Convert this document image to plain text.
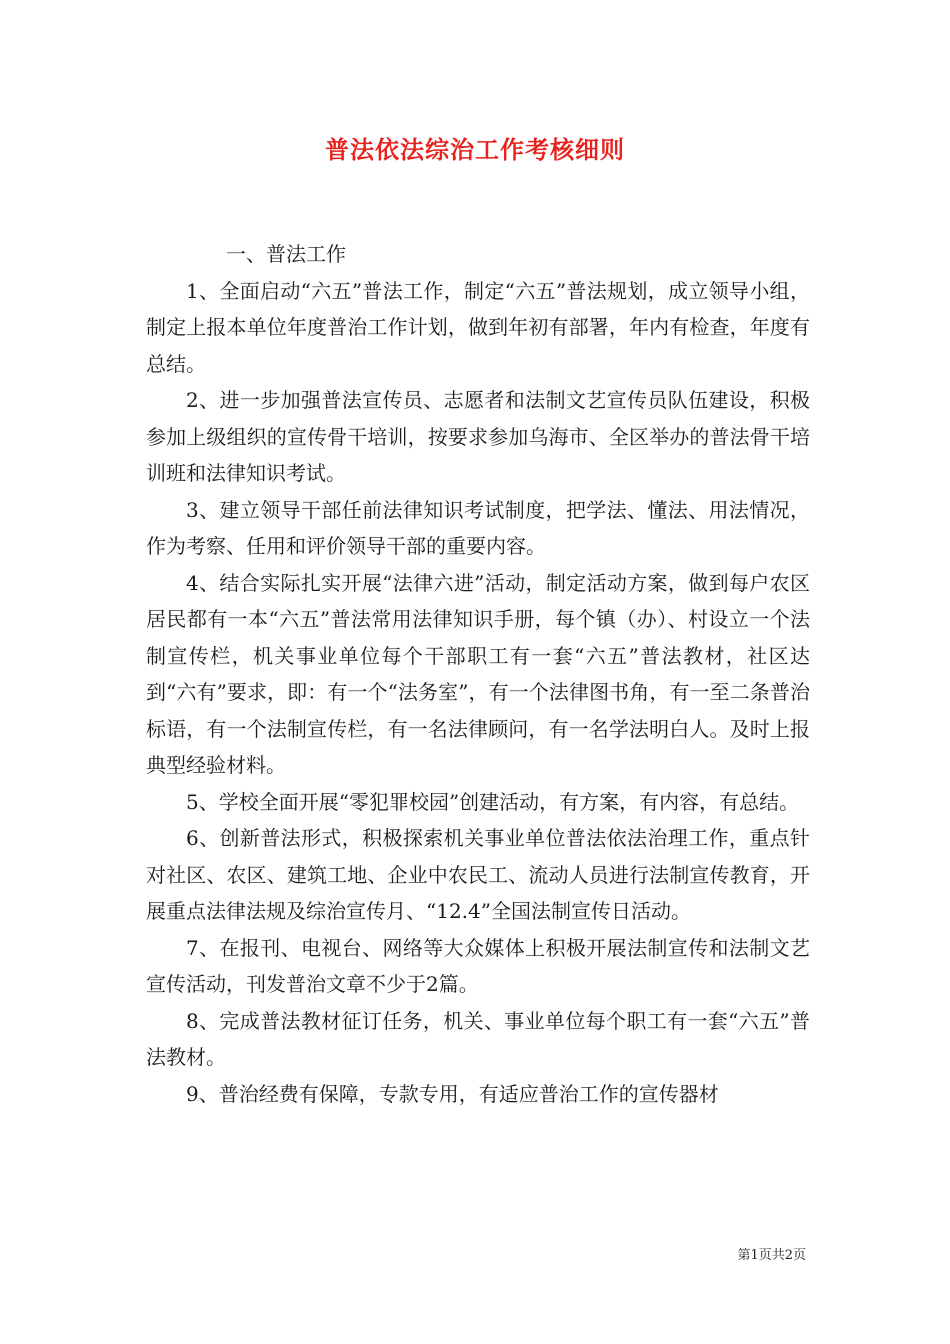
普法依法综治工作考核细则

一、普法工作

1、全面启动“六五”普法工作，制定“六五”普法规划，成立领导小组，制定上报本单位年度普治工作计划，做到年初有部署，年内有检查，年度有总结。

2、进一步加强普法宣传员、志愿者和法制文艺宣传员队伍建设，积极参加上级组织的宣传骨干培训，按要求参加乌海市、全区举办的普法骨干培训班和法律知识考试。

3、建立领导干部任前法律知识考试制度，把学法、懂法、用法情况，作为考察、任用和评价领导干部的重要内容。

4、结合实际扎实开展“法律六进”活动，制定活动方案，做到每户农区居民都有一本“六五”普法常用法律知识手册，每个镇（办）、村设立一个法制宣传栏，机关事业单位每个干部职工有一套“六五”普法教材，社区达到“六有”要求，即：有一个“法务室”，有一个法律图书角，有一至二条普治标语，有一个法制宣传栏，有一名法律顾问，有一名学法明白人。及时上报典型经验材料。

5、学校全面开展“零犯罪校园”创建活动，有方案，有内容，有总结。

6、创新普法形式，积极探索机关事业单位普法依法治理工作，重点针对社区、农区、建筑工地、企业中农民工、流动人员进行法制宣传教育，开展重点法律法规及综治宣传月、“12.4”全国法制宣传日活动。

7、在报刊、电视台、网络等大众媒体上积极开展法制宣传和法制文艺宣传活动，刊发普治文章不少于2篇。

8、完成普法教材征订任务，机关、事业单位每个职工有一套“六五”普法教材。

9、普治经费有保障，专款专用，有适应普治工作的宣传器材

第1页共2页
